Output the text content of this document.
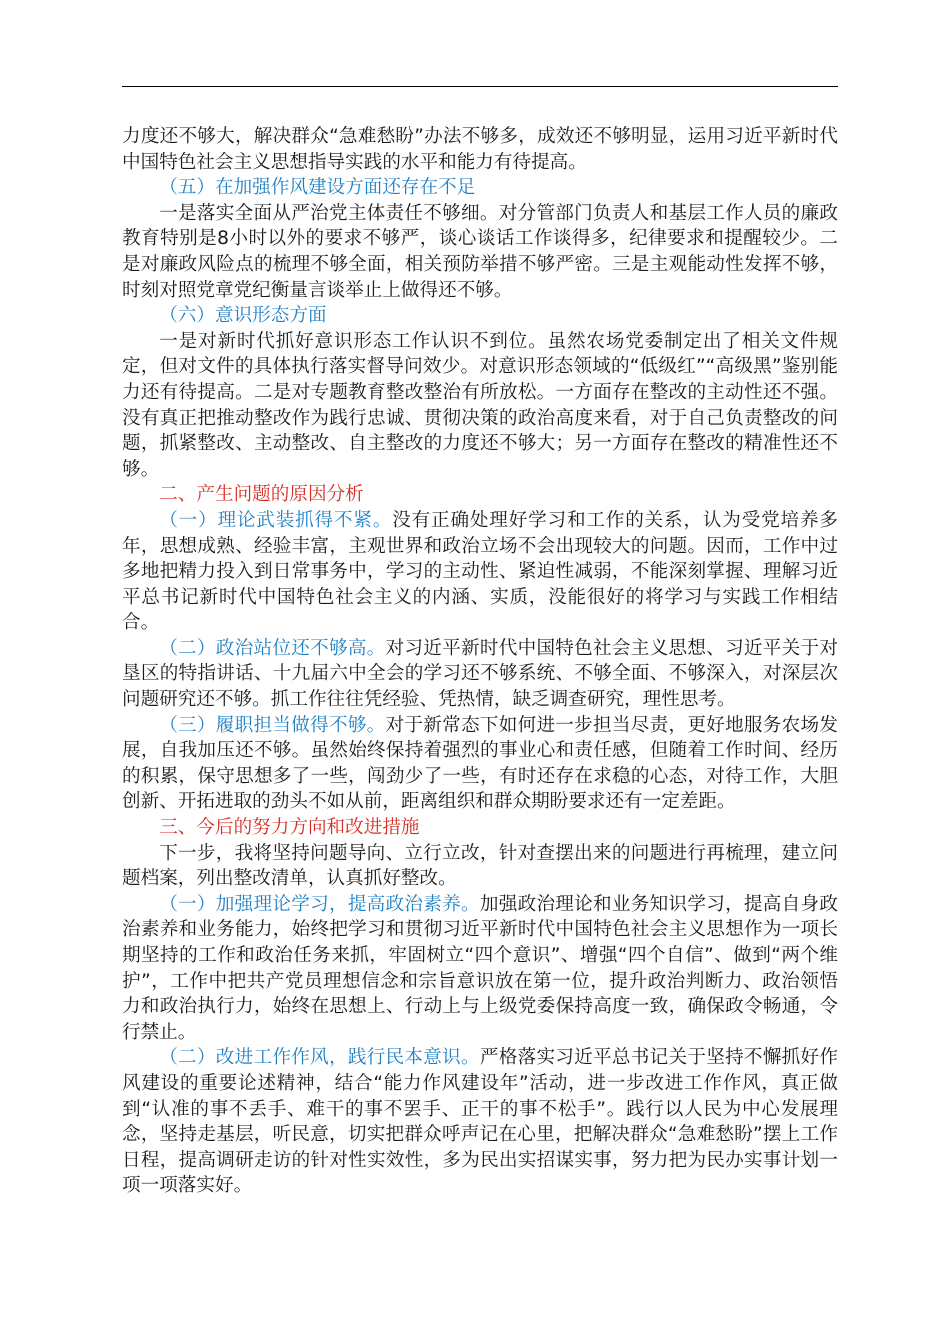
力度还不够大，解决群众“急难愁盼”办法不够多，成效还不够明显，运用习近平新时代中国特色社会主义思想指导实践的水平和能力有待提高。

（五）在加强作风建设方面还存在不足

一是落实全面从严治党主体责任不够细。对分管部门负责人和基层工作人员的廉政教育特别是8小时以外的要求不够严，谈心谈话工作谈得多，纪律要求和提醒较少。二是对廉政风险点的梳理不够全面，相关预防举措不够严密。三是主观能动性发挥不够，时刻对照党章党纪衡量言谈举止上做得还不够。

（六）意识形态方面

一是对新时代抓好意识形态工作认识不到位。虽然农场党委制定出了相关文件规定，但对文件的具体执行落实督导问效少。对意识形态领域的“低级红”“高级黑”鉴别能力还有待提高。二是对专题教育整改整治有所放松。一方面存在整改的主动性还不强。没有真正把推动整改作为践行忠诚、贯彻决策的政治高度来看，对于自己负责整改的问题，抓紧整改、主动整改、自主整改的力度还不够大；另一方面存在整改的精准性还不够。

二、产生问题的原因分析

（一）理论武装抓得不紧。没有正确处理好学习和工作的关系，认为受党培养多年，思想成熟、经验丰富，主观世界和政治立场不会出现较大的问题。因而，工作中过多地把精力投入到日常事务中，学习的主动性、紧迫性减弱，不能深刻掌握、理解习近平总书记新时代中国特色社会主义的内涵、实质，没能很好的将学习与实践工作相结合。

（二）政治站位还不够高。对习近平新时代中国特色社会主义思想、习近平关于对垦区的特指讲话、十九届六中全会的学习还不够系统、不够全面、不够深入，对深层次问题研究还不够。抓工作往往凭经验、凭热情，缺乏调查研究，理性思考。

（三）履职担当做得不够。对于新常态下如何进一步担当尽责，更好地服务农场发展，自我加压还不够。虽然始终保持着强烈的事业心和责任感，但随着工作时间、经历的积累，保守思想多了一些，闯劲少了一些，有时还存在求稳的心态，对待工作，大胆创新、开拓进取的劲头不如从前，距离组织和群众期盼要求还有一定差距。

三、今后的努力方向和改进措施

下一步，我将坚持问题导向、立行立改，针对查摆出来的问题进行再梳理，建立问题档案，列出整改清单，认真抓好整改。

（一）加强理论学习，提高政治素养。加强政治理论和业务知识学习，提高自身政治素养和业务能力，始终把学习和贯彻习近平新时代中国特色社会主义思想作为一项长期坚持的工作和政治任务来抓，牢固树立“四个意识”、增强“四个自信”、做到“两个维护”，工作中把共产党员理想信念和宗旨意识放在第一位，提升政治判断力、政治领悟力和政治执行力，始终在思想上、行动上与上级党委保持高度一致，确保政令畅通，令行禁止。

（二）改进工作作风，践行民本意识。严格落实习近平总书记关于坚持不懈抓好作风建设的重要论述精神，结合“能力作风建设年”活动，进一步改进工作作风，真正做到“认准的事不丢手、难干的事不罢手、正干的事不松手”。践行以人民为中心发展理念，坚持走基层，听民意，切实把群众呼声记在心里，把解决群众“急难愁盼”摆上工作日程，提高调研走访的针对性实效性，多为民出实招谋实事，努力把为民办实事计划一项一项落实好。
